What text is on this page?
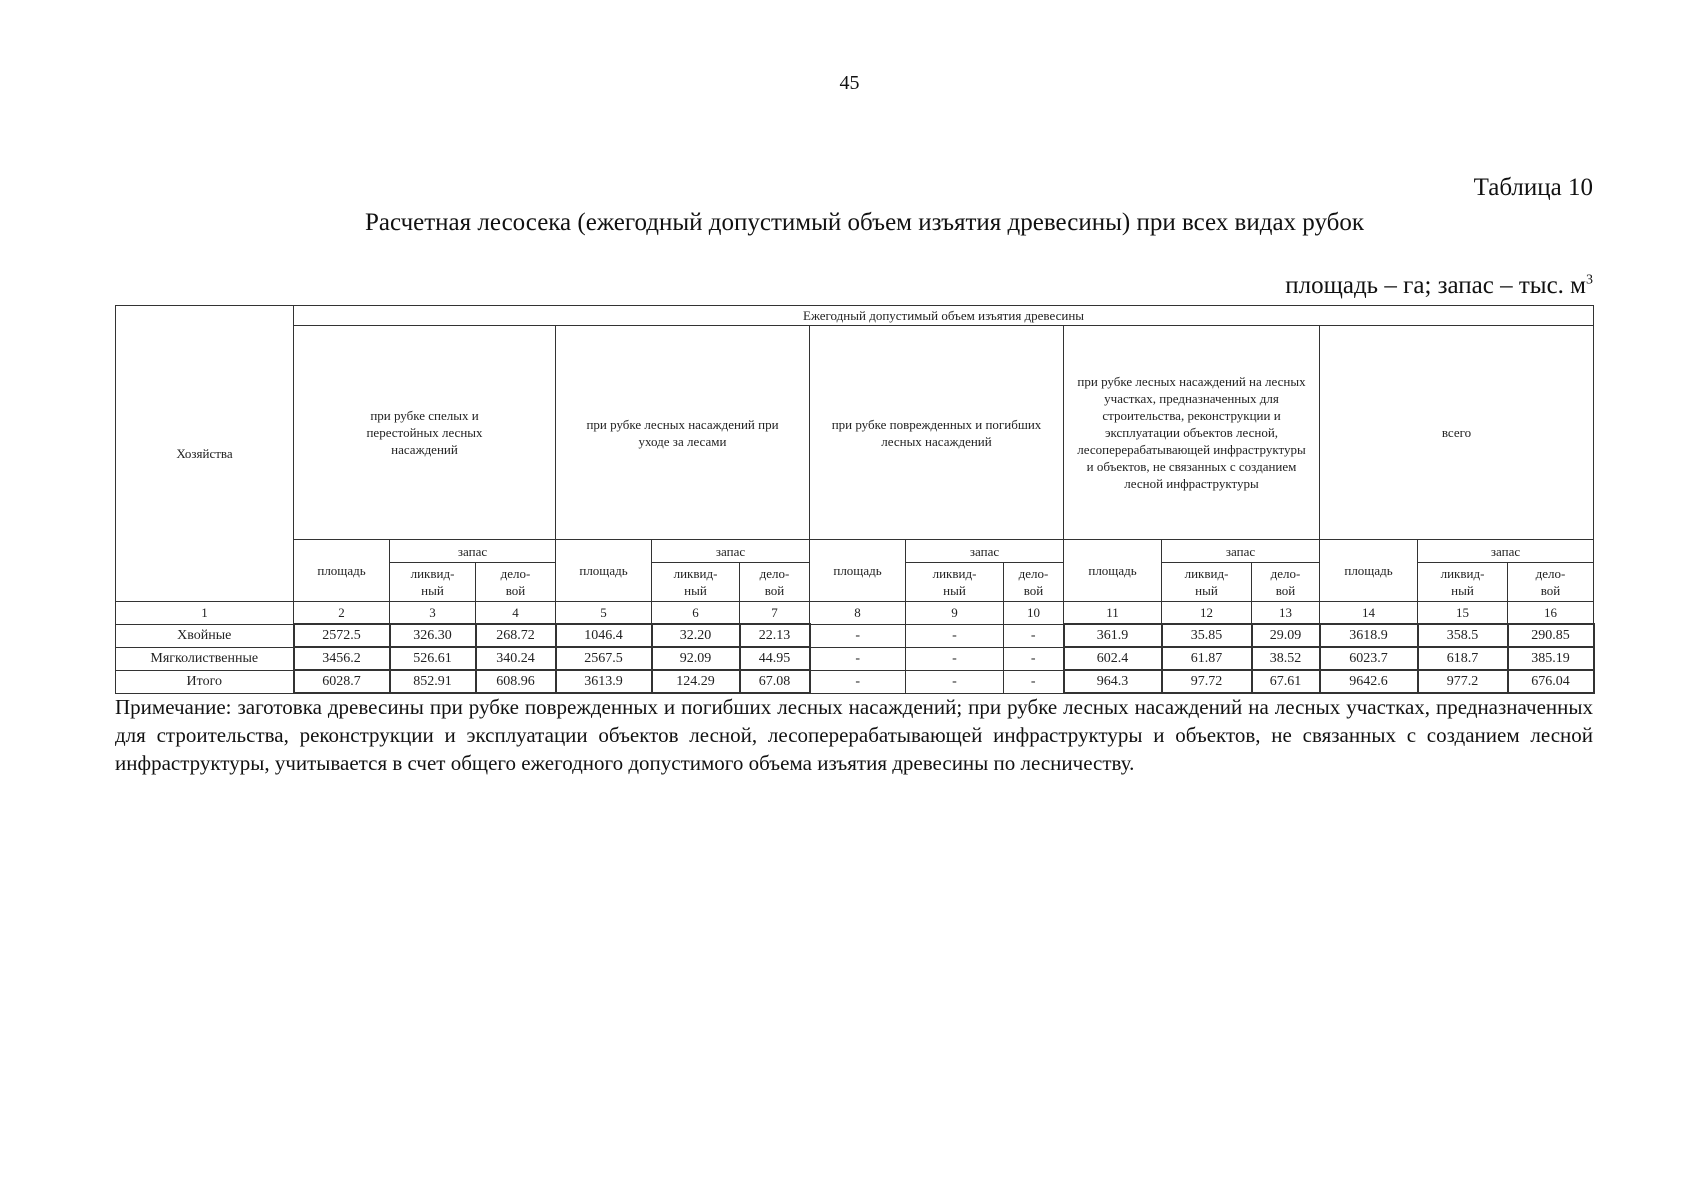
45
Таблица 10
Расчетная лесосека (ежегодный допустимый объем изъятия древесины) при всех видах рубок
площадь – га; запас – тыс. $м^3$
Хозяйства	Ежегодный допустимый объем изъятия древесины														

	при рубке спелых и перестойных лесных насаждений			при рубке лесных насаждений при уходе за лесами			при рубке поврежденных и погибших лесных насаждений			при рубке лесных насаждений на лесных участках, предназначенных для строительства, реконструкции и эксплуатации объектов лесной, лесоперерабатывающей инфраструктуры и объектов, не связанных с созданием лесной инфраструктуры			всего		
	площадь	запас		площадь	запас		площадь	запас		площадь	запас		площадь	запас	

		ликвид-ный	дело-вой		ликвид-ный	дело-вой		ликвид-ный	дело-вой		ликвид-ный	дело-вой		ликвид-ный	дело-вой

1	2	3	4	5	6	7	8	9	10	11	12	13	14	15	16
Хвойные	2572.5	326.30	268.72	1046.4	32.20	22.13	-	-	-	361.9	35.85	29.09	3618.9	358.5	290.85
Мягколиственные	3456.2	526.61	340.24	2567.5	92.09	44.95	-	-	-	602.4	61.87	38.52	6023.7	618.7	385.19
Итого	6028.7	852.91	608.96	3613.9	124.29	67.08	-	-	-	964.3	97.72	67.61	9642.6	977.2	676.04
Примечание: заготовка древесины при рубке поврежденных и погибших лесных насаждений; при рубке лесных насаждений на лесных участках, предназначенных для строительства, реконструкции и эксплуатации объектов лесной, лесоперерабатывающей инфраструктуры и объектов, не связанных с созданием лесной инфраструктуры, учитывается в счет общего ежегодного допустимого объема изъятия древесины по лесничеству.
